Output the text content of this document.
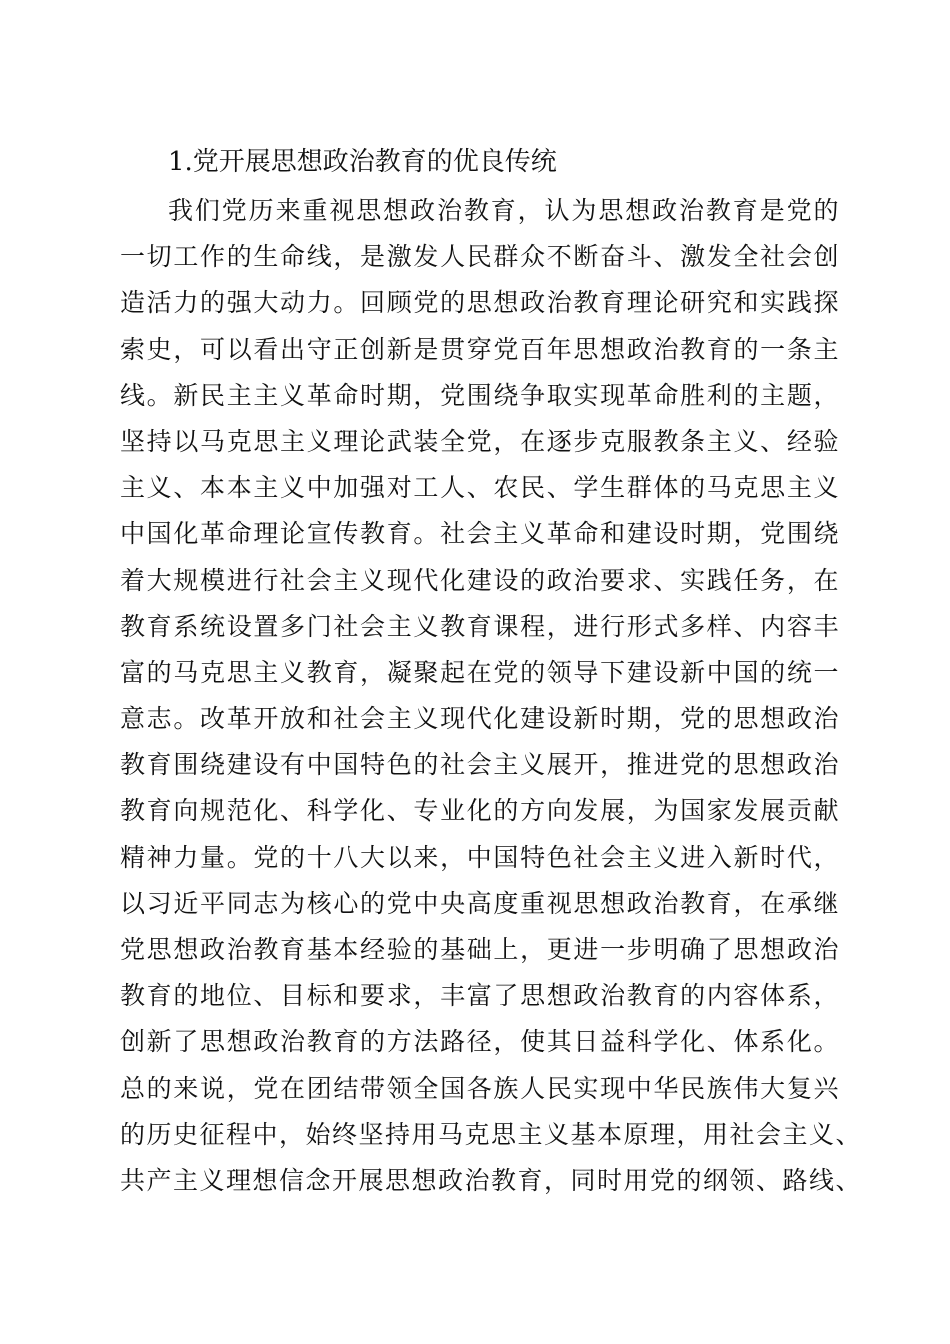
1.党开展思想政治教育的优良传统
我们党历来重视思想政治教育，认为思想政治教育是党的
一切工作的生命线，是激发人民群众不断奋斗、激发全社会创
造活力的强大动力。回顾党的思想政治教育理论研究和实践探
索史，可以看出守正创新是贯穿党百年思想政治教育的一条主
线。新民主主义革命时期，党围绕争取实现革命胜利的主题，
坚持以马克思主义理论武装全党，在逐步克服教条主义、经验
主义、本本主义中加强对工人、农民、学生群体的马克思主义
中国化革命理论宣传教育。社会主义革命和建设时期，党围绕
着大规模进行社会主义现代化建设的政治要求、实践任务，在
教育系统设置多门社会主义教育课程，进行形式多样、内容丰
富的马克思主义教育，凝聚起在党的领导下建设新中国的统一
意志。改革开放和社会主义现代化建设新时期，党的思想政治
教育围绕建设有中国特色的社会主义展开，推进党的思想政治
教育向规范化、科学化、专业化的方向发展，为国家发展贡献
精神力量。党的十八大以来，中国特色社会主义进入新时代，
以习近平同志为核心的党中央高度重视思想政治教育，在承继
党思想政治教育基本经验的基础上，更进一步明确了思想政治
教育的地位、目标和要求，丰富了思想政治教育的内容体系，
创新了思想政治教育的方法路径，使其日益科学化、体系化。
总的来说，党在团结带领全国各族人民实现中华民族伟大复兴
的历史征程中，始终坚持用马克思主义基本原理，用社会主义、
共产主义理想信念开展思想政治教育，同时用党的纲领、路线、
